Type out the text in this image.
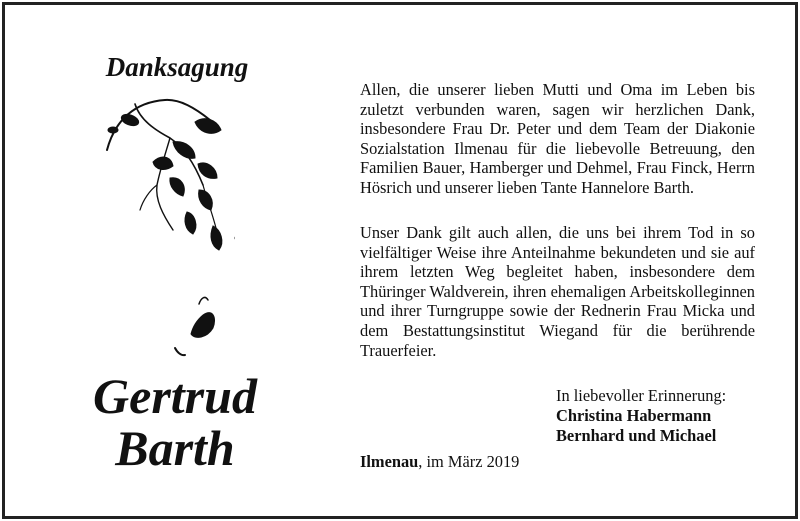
Danksagung
Gertrud
Barth
Allen, die unserer lieben Mutti und Oma im Leben bis zuletzt verbunden waren, sagen wir herzlichen Dank, insbesondere Frau Dr. Peter und dem Team der Diakonie Sozialstation Ilmenau für die liebevolle Betreuung, den Familien Bauer, Hamberger und Dehmel, Frau Finck, Herrn Hösrich und unserer lieben Tante Hannelore Barth.
Unser Dank gilt auch allen, die uns bei ihrem Tod in so vielfältiger Weise ihre Anteilnahme bekundeten und sie auf ihrem letzten Weg begleitet haben, insbesondere dem Thüringer Waldverein, ihren ehemaligen Arbeitskolleginnen und ihrer Turngruppe sowie der Rednerin Frau Micka und dem Bestattungsinstitut Wiegand für die berührende Trauerfeier.
In liebevoller Erinnerung:
Christina Habermann
Bernhard und Michael
Ilmenau, im März 2019
